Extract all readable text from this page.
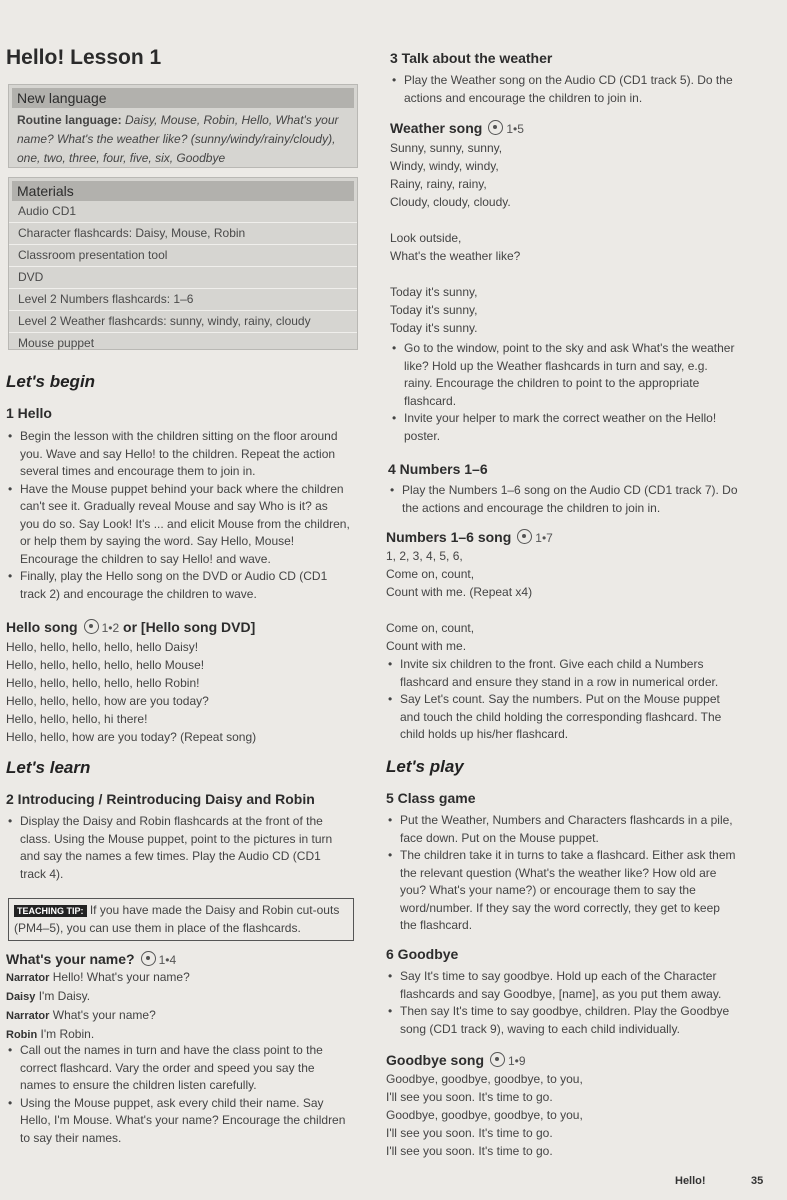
Hello! Lesson 1
New language
Routine language: Daisy, Mouse, Robin, Hello, What's your name? What's the weather like? (sunny/windy/rainy/cloudy), one, two, three, four, five, six, Goodbye
Materials
Audio CD1
Character flashcards: Daisy, Mouse, Robin
Classroom presentation tool
DVD
Level 2 Numbers flashcards: 1–6
Level 2 Weather flashcards: sunny, windy, rainy, cloudy
Mouse puppet
Let's begin
1 Hello
• Begin the lesson with the children sitting on the floor around you. Wave and say Hello! to the children. Repeat the action several times and encourage them to join in.
• Have the Mouse puppet behind your back where the children can't see it. Gradually reveal Mouse and say Who is it? as you do so. Say Look! It's ... and elicit Mouse from the children, or help them by saying the word. Say Hello, Mouse! Encourage the children to say Hello! and wave.
• Finally, play the Hello song on the DVD or Audio CD (CD1 track 2) and encourage the children to wave.
Hello song 1•2 or [Hello song DVD]
Hello, hello, hello, hello, hello Daisy!
Hello, hello, hello, hello, hello Mouse!
Hello, hello, hello, hello, hello Robin!
Hello, hello, hello, how are you today?
Hello, hello, hello, hi there!
Hello, hello, how are you today? (Repeat song)
Let's learn
2 Introducing / Reintroducing Daisy and Robin
• Display the Daisy and Robin flashcards at the front of the class. Using the Mouse puppet, point to the pictures in turn and say the names a few times. Play the Audio CD (CD1 track 4).
TEACHING TIP: If you have made the Daisy and Robin cut-outs (PM4–5), you can use them in place of the flashcards.
What's your name? 1•4
Narrator Hello! What's your name?
Daisy I'm Daisy.
Narrator What's your name?
Robin I'm Robin.
• Call out the names in turn and have the class point to the correct flashcard. Vary the order and speed you say the names to ensure the children listen carefully.
• Using the Mouse puppet, ask every child their name. Say Hello, I'm Mouse. What's your name? Encourage the children to say their names.
3 Talk about the weather
• Play the Weather song on the Audio CD (CD1 track 5). Do the actions and encourage the children to join in.
Weather song 1•5
Sunny, sunny, sunny,
Windy, windy, windy,
Rainy, rainy, rainy,
Cloudy, cloudy, cloudy.
Look outside,
What's the weather like?
Today it's sunny,
Today it's sunny,
Today it's sunny.
• Go to the window, point to the sky and ask What's the weather like? Hold up the Weather flashcards in turn and say, e.g. rainy. Encourage the children to point to the appropriate flashcard.
• Invite your helper to mark the correct weather on the Hello! poster.
4 Numbers 1–6
• Play the Numbers 1–6 song on the Audio CD (CD1 track 7). Do the actions and encourage the children to join in.
Numbers 1–6 song 1•7
1, 2, 3, 4, 5, 6,
Come on, count,
Count with me. (Repeat x4)
Come on, count,
Count with me.
• Invite six children to the front. Give each child a Numbers flashcard and ensure they stand in a row in numerical order.
• Say Let's count. Say the numbers. Put on the Mouse puppet and touch the child holding the corresponding flashcard. The child holds up his/her flashcard.
Let's play
5 Class game
• Put the Weather, Numbers and Characters flashcards in a pile, face down. Put on the Mouse puppet.
• The children take it in turns to take a flashcard. Either ask them the relevant question (What's the weather like? How old are you? What's your name?) or encourage them to say the word/number. If they say the word correctly, they get to keep the flashcard.
6 Goodbye
• Say It's time to say goodbye. Hold up each of the Character flashcards and say Goodbye, [name], as you put them away.
• Then say It's time to say goodbye, children. Play the Goodbye song (CD1 track 9), waving to each child individually.
Goodbye song 1•9
Goodbye, goodbye, goodbye, to you,
I'll see you soon. It's time to go.
Goodbye, goodbye, goodbye, to you,
I'll see you soon. It's time to go.
I'll see you soon. It's time to go.
Hello!	35
